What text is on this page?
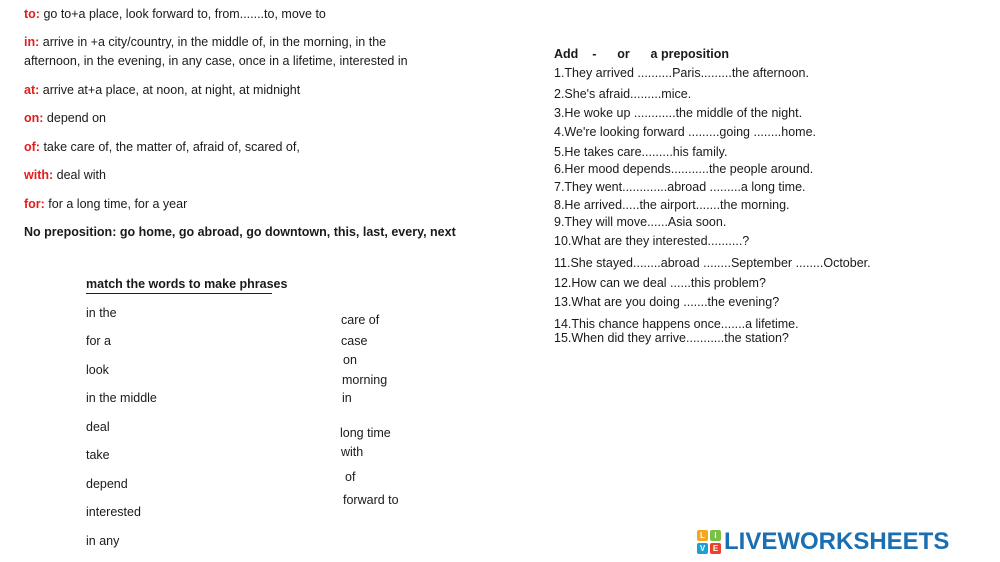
to: go to+a place, look forward to, from.......to, move to
in: arrive in +a city/country, in the middle of, in the morning, in the
afternoon, in the evening, in any case, once in a lifetime, interested in
at: arrive at+a place, at noon, at night, at midnight
on: depend on
of: take care of, the matter of, afraid of, scared of,
with: deal with
for: for a long time, for a year
No preposition: go home, go abroad, go downtown, this, last, every, next
match the words to make phrases
in the
for a
look
in the middle
deal
take
depend
interested
in any
care of
case
on
morning
in
long time
with
of
forward to
Add    -      or      a preposition
1.They arrived ..........Paris.........the afternoon.
2.She's afraid.........mice.
3.He woke up ............the middle of the night.
4.We're looking forward .........going ........home.
5.He takes care.........his family.
6.Her mood depends...........the people around.
7.They went.............abroad .........a long time.
8.He arrived.....the airport.......the morning.
9.They will move......Asia soon.
10.What are they interested..........?
11.She stayed........abroad ........September ........October.
12.How can we deal ......this problem?
13.What are you doing .......the evening?
14.This chance happens once.......a lifetime.
15.When did they arrive...........the station?
L	I
V E LIVEWORKSHEETS
